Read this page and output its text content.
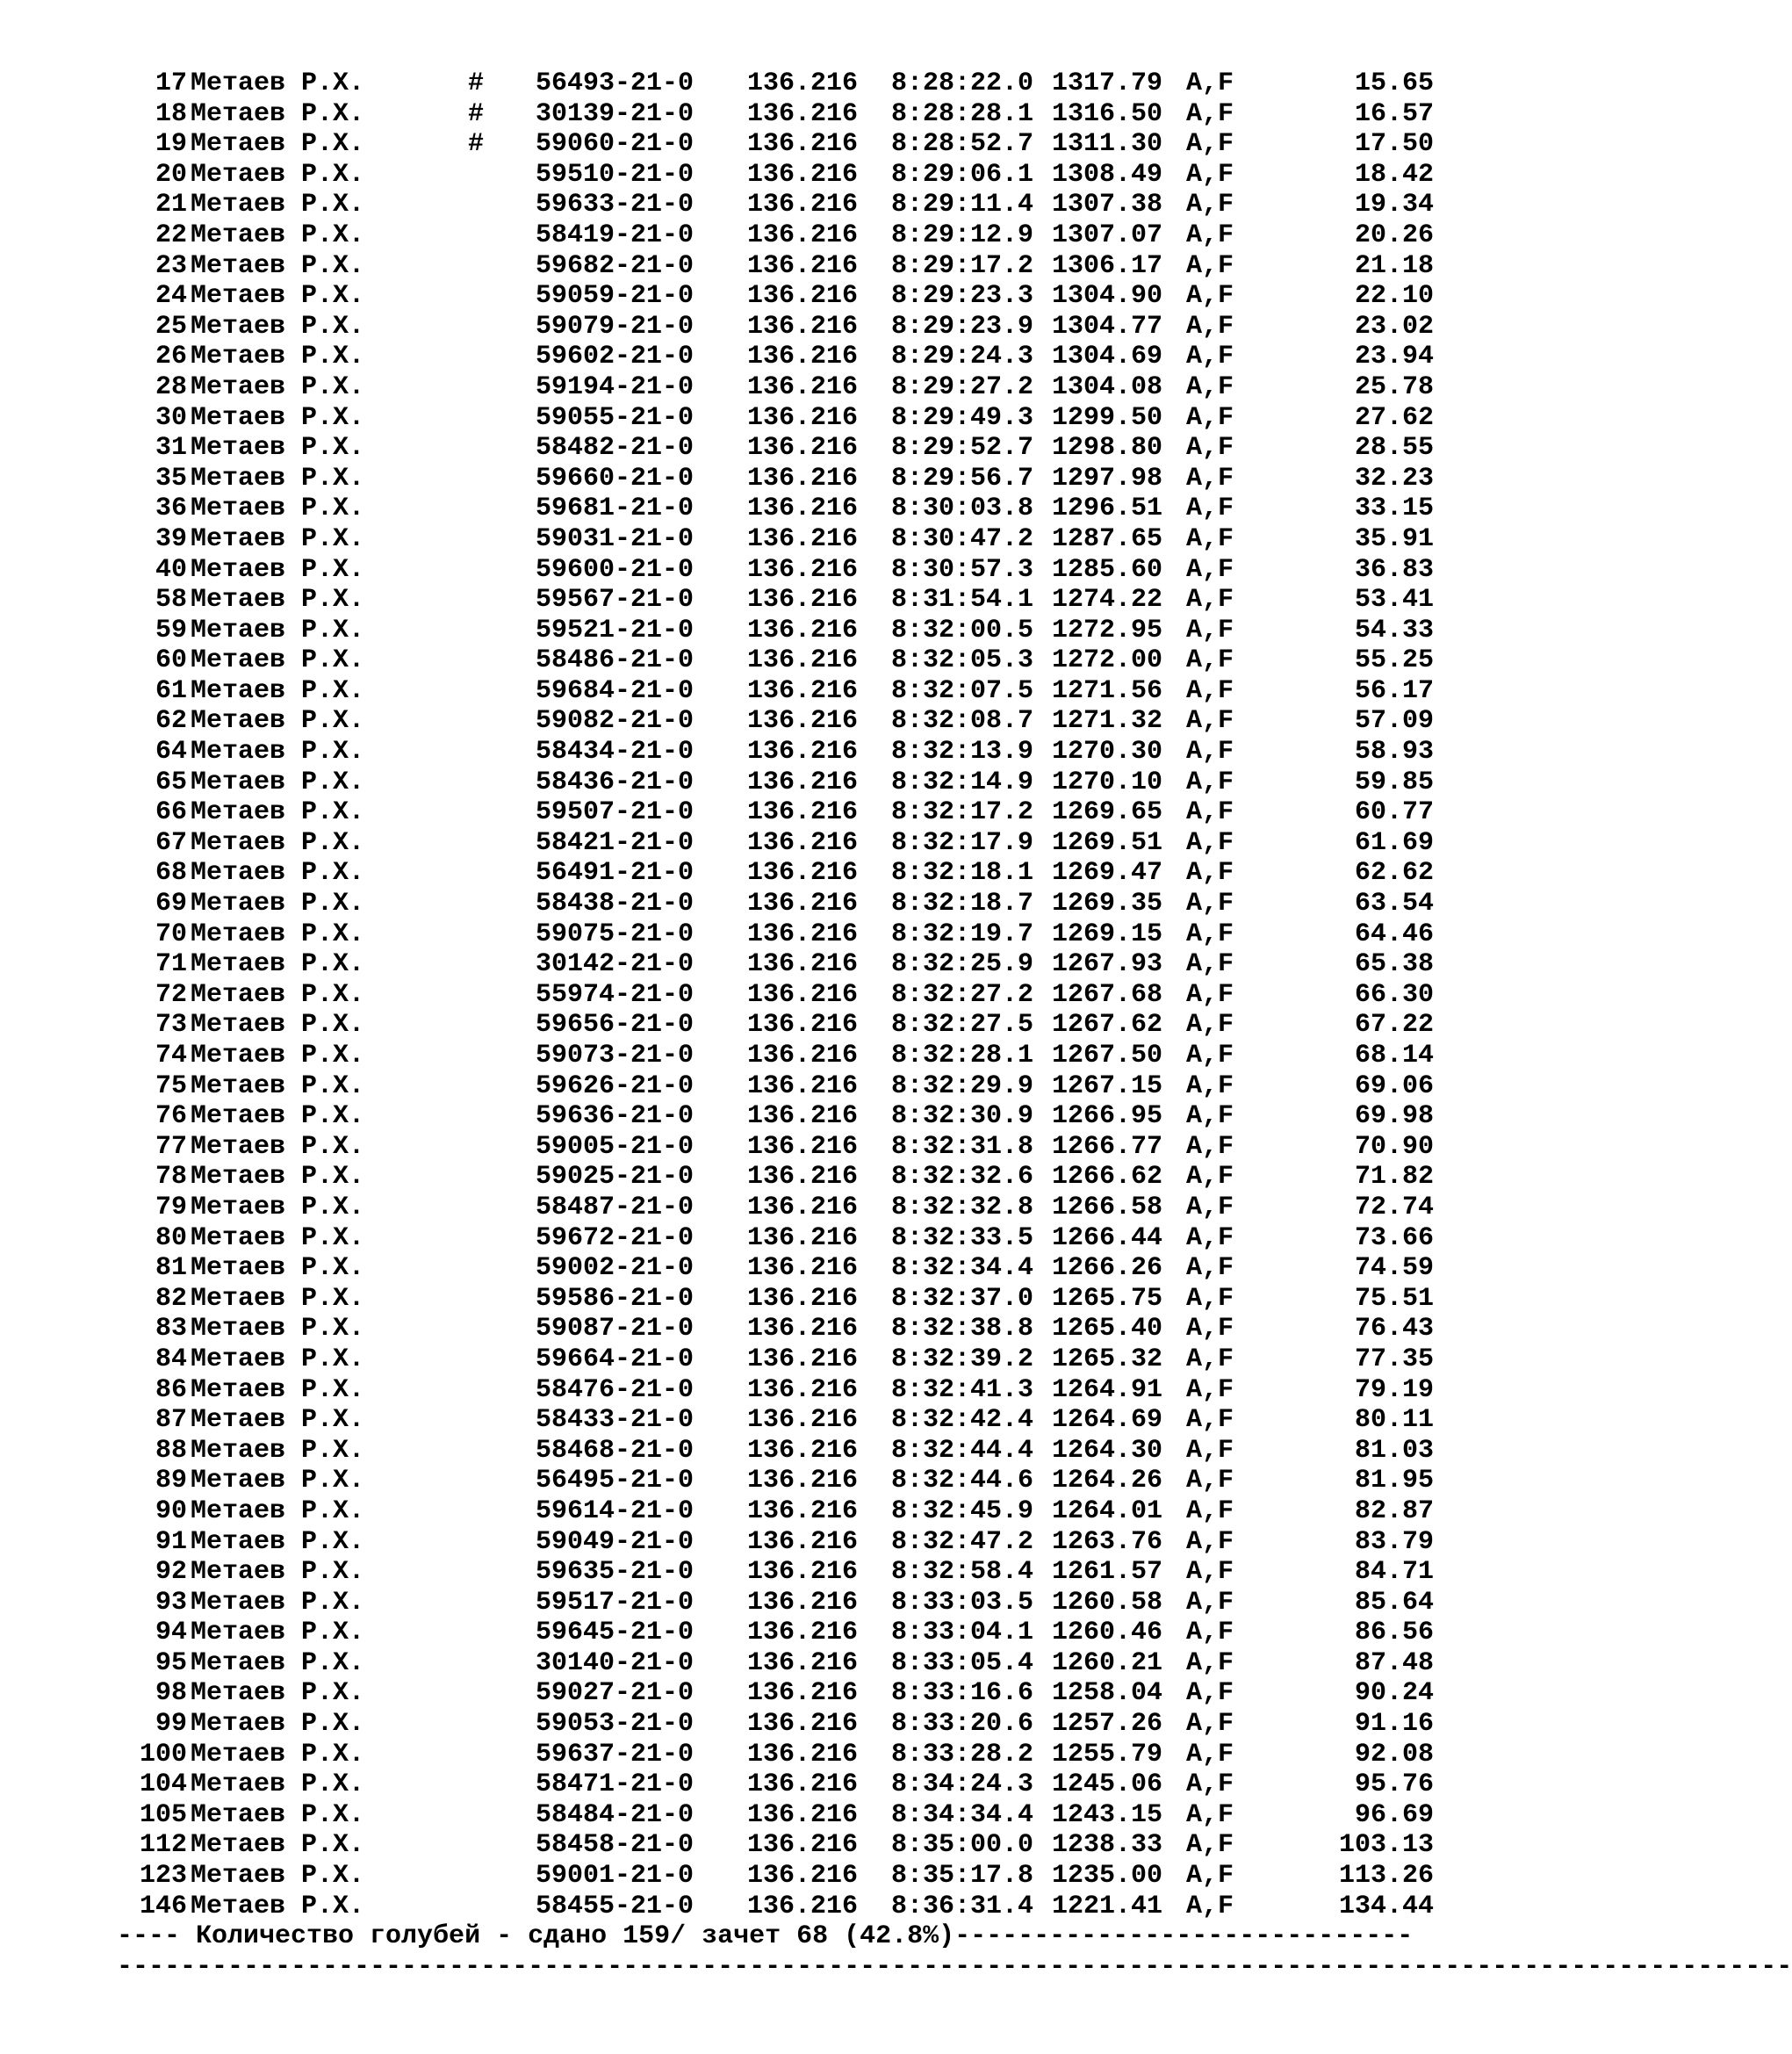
17 Метаев Р.Х.	# 56493-21-0 136.216 8:28:22.0 1317.79 A,F	15.65
18 Метаев Р.Х.	# 30139-21-0 136.216 8:28:28.1 1316.50 A,F	16.57
19 Метаев Р.Х.	# 59060-21-0 136.216 8:28:52.7 1311.30 A,F	17.50
20 Метаев Р.Х.	59510-21-0 136.216 8:29:06.1 1308.49 A,F	18.42
21 Метаев Р.Х.	59633-21-0 136.216 8:29:11.4 1307.38 A,F	19.34
22 Метаев Р.Х.	58419-21-0 136.216 8:29:12.9 1307.07 A,F	20.26
23 Метаев Р.Х.	59682-21-0 136.216 8:29:17.2 1306.17 A,F	21.18
24 Метаев Р.Х.	59059-21-0 136.216 8:29:23.3 1304.90 A,F	22.10
25 Метаев Р.Х.	59079-21-0 136.216 8:29:23.9 1304.77 A,F	23.02
26 Метаев Р.Х.	59602-21-0 136.216 8:29:24.3 1304.69 A,F	23.94
28 Метаев Р.Х.	59194-21-0 136.216 8:29:27.2 1304.08 A,F	25.78
30 Метаев Р.Х.	59055-21-0 136.216 8:29:49.3 1299.50 A,F	27.62
31 Метаев Р.Х.	58482-21-0 136.216 8:29:52.7 1298.80 A,F	28.55
35 Метаев Р.Х.	59660-21-0 136.216 8:29:56.7 1297.98 A,F	32.23
36 Метаев Р.Х.	59681-21-0 136.216 8:30:03.8 1296.51 A,F	33.15
39 Метаев Р.Х.	59031-21-0 136.216 8:30:47.2 1287.65 A,F	35.91
40 Метаев Р.Х.	59600-21-0 136.216 8:30:57.3 1285.60 A,F	36.83
58 Метаев Р.Х.	59567-21-0 136.216 8:31:54.1 1274.22 A,F	53.41
59 Метаев Р.Х.	59521-21-0 136.216 8:32:00.5 1272.95 A,F	54.33
60 Метаев Р.Х.	58486-21-0 136.216 8:32:05.3 1272.00 A,F	55.25
61 Метаев Р.Х.	59684-21-0 136.216 8:32:07.5 1271.56 A,F	56.17
62 Метаев Р.Х.	59082-21-0 136.216 8:32:08.7 1271.32 A,F	57.09
64 Метаев Р.Х.	58434-21-0 136.216 8:32:13.9 1270.30 A,F	58.93
65 Метаев Р.Х.	58436-21-0 136.216 8:32:14.9 1270.10 A,F	59.85
66 Метаев Р.Х.	59507-21-0 136.216 8:32:17.2 1269.65 A,F	60.77
67 Метаев Р.Х.	58421-21-0 136.216 8:32:17.9 1269.51 A,F	61.69
68 Метаев Р.Х.	56491-21-0 136.216 8:32:18.1 1269.47 A,F	62.62
69 Метаев Р.Х.	58438-21-0 136.216 8:32:18.7 1269.35 A,F	63.54
70 Метаев Р.Х.	59075-21-0 136.216 8:32:19.7 1269.15 A,F	64.46
71 Метаев Р.Х.	30142-21-0 136.216 8:32:25.9 1267.93 A,F	65.38
72 Метаев Р.Х.	55974-21-0 136.216 8:32:27.2 1267.68 A,F	66.30
73 Метаев Р.Х.	59656-21-0 136.216 8:32:27.5 1267.62 A,F	67.22
74 Метаев Р.Х.	59073-21-0 136.216 8:32:28.1 1267.50 A,F	68.14
75 Метаев Р.Х.	59626-21-0 136.216 8:32:29.9 1267.15 A,F	69.06
76 Метаев Р.Х.	59636-21-0 136.216 8:32:30.9 1266.95 A,F	69.98
77 Метаев Р.Х.	59005-21-0 136.216 8:32:31.8 1266.77 A,F	70.90
78 Метаев Р.Х.	59025-21-0 136.216 8:32:32.6 1266.62 A,F	71.82
79 Метаев Р.Х.	58487-21-0 136.216 8:32:32.8 1266.58 A,F	72.74
80 Метаев Р.Х.	59672-21-0 136.216 8:32:33.5 1266.44 A,F	73.66
81 Метаев Р.Х.	59002-21-0 136.216 8:32:34.4 1266.26 A,F	74.59
82 Метаев Р.Х.	59586-21-0 136.216 8:32:37.0 1265.75 A,F	75.51
83 Метаев Р.Х.	59087-21-0 136.216 8:32:38.8 1265.40 A,F	76.43
84 Метаев Р.Х.	59664-21-0 136.216 8:32:39.2 1265.32 A,F	77.35
86 Метаев Р.Х.	58476-21-0 136.216 8:32:41.3 1264.91 A,F	79.19
87 Метаев Р.Х.	58433-21-0 136.216 8:32:42.4 1264.69 A,F	80.11
88 Метаев Р.Х.	58468-21-0 136.216 8:32:44.4 1264.30 A,F	81.03
89 Метаев Р.Х.	56495-21-0 136.216 8:32:44.6 1264.26 A,F	81.95
90 Метаев Р.Х.	59614-21-0 136.216 8:32:45.9 1264.01 A,F	82.87
91 Метаев Р.Х.	59049-21-0 136.216 8:32:47.2 1263.76 A,F	83.79
92 Метаев Р.Х.	59635-21-0 136.216 8:32:58.4 1261.57 A,F	84.71
93 Метаев Р.Х.	59517-21-0 136.216 8:33:03.5 1260.58 A,F	85.64
94 Метаев Р.Х.	59645-21-0 136.216 8:33:04.1 1260.46 A,F	86.56
95 Метаев Р.Х.	30140-21-0 136.216 8:33:05.4 1260.21 A,F	87.48
98 Метаев Р.Х.	59027-21-0 136.216 8:33:16.6 1258.04 A,F	90.24
99 Метаев Р.Х.	59053-21-0 136.216 8:33:20.6 1257.26 A,F	91.16
100 Метаев Р.Х.	59637-21-0 136.216 8:33:28.2 1255.79 A,F	92.08
104 Метаев Р.Х.	58471-21-0 136.216 8:34:24.3 1245.06 A,F	95.76
105 Метаев Р.Х.	58484-21-0 136.216 8:34:34.4 1243.15 A,F	96.69
112 Метаев Р.Х.	58458-21-0 136.216 8:35:00.0 1238.33 A,F	103.13
123 Метаев Р.Х.	59001-21-0 136.216 8:35:17.8 1235.00 A,F	113.26
146 Метаев Р.Х.	58455-21-0 136.216 8:36:31.4 1221.41 A,F	134.44
---- Количество голубей - сдано 159/ зачет 68 (42.8%)-----------------------------
----------------------------------------------------------------------------------------------------------
